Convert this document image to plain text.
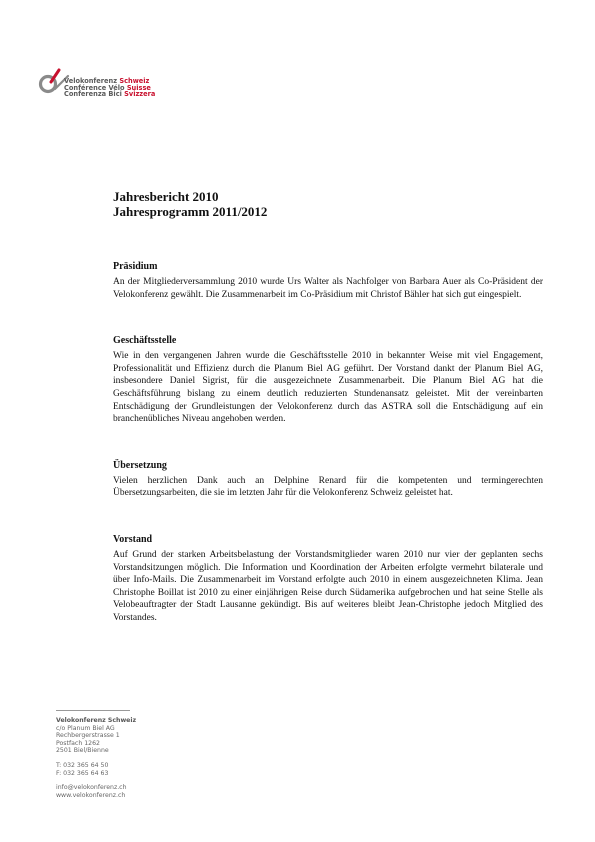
Velokonferenz Schweiz
Conférence Vélo Suisse
Conferenza Bici Svizzera
Jahresbericht 2010
Jahresprogramm 2011/2012
Präsidium
An der Mitgliederversammlung 2010 wurde Urs Walter als Nachfolger von Barbara Auer als Co-Präsident der Velokonferenz gewählt. Die Zusammenarbeit im Co-Präsidium mit Christof Bähler hat sich gut eingespielt.
Geschäftsstelle
Wie in den vergangenen Jahren wurde die Geschäftsstelle 2010 in bekannter Weise mit viel Engagement, Professionalität und Effizienz durch die Planum Biel AG geführt. Der Vorstand dankt der Planum Biel AG, insbesondere Daniel Sigrist, für die ausgezeichnete Zusammenarbeit. Die Planum Biel AG hat die Geschäftsführung bislang zu einem deutlich reduzierten Stundenansatz geleistet. Mit der vereinbarten Entschädigung der Grundleistungen der Velokonferenz durch das ASTRA soll die Entschädigung auf ein branchenübliches Niveau angehoben werden.
Übersetzung
Vielen herzlichen Dank auch an Delphine Renard für die kompetenten und termingerechten Übersetzungsarbeiten, die sie im letzten Jahr für die Velokonferenz Schweiz geleistet hat.
Vorstand
Auf Grund der starken Arbeitsbelastung der Vorstandsmitglieder waren 2010 nur vier der geplanten sechs Vorstandsitzungen möglich. Die Information und Koordination der Arbeiten erfolgte vermehrt bilaterale und über Info-Mails. Die Zusammenarbeit im Vorstand erfolgte auch 2010 in einem ausgezeichneten Klima. Jean Christophe Boillat ist 2010 zu einer einjährigen Reise durch Südamerika aufgebrochen und hat seine Stelle als Velobeauftragter der Stadt Lausanne gekündigt. Bis auf weiteres bleibt Jean-Christophe jedoch Mitglied des Vorstandes.
Velokonferenz Schweiz
c/o Planum Biel AG
Rechbergerstrasse 1
Postfach 1262
2501 Biel/Bienne
T: 032 365 64 50
F: 032 365 64 63
info@velokonferenz.ch
www.velokonferenz.ch
